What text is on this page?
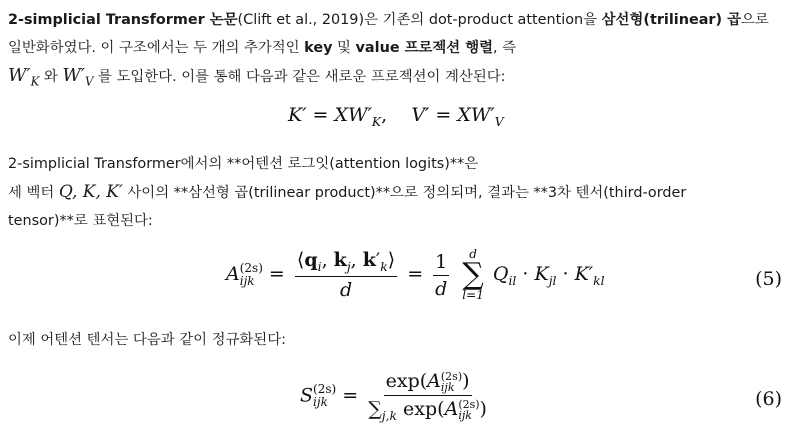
2-simplicial Transformer 논문(Clift et al., 2019)은 기존의 dot-product attention을 삼선형(trilinear) 곱으로 일반화하였다. 이 구조에서는 두 개의 추가적인 key 및 value 프로젝션 행렬, 즉
$W'_K$ 와 $W'_V$ 를 도입한다. 이를 통해 다음과 같은 새로운 프로젝션이 계산된다:
$K' = XW'_K$,    $V' = XW'_V$
2-simplicial Transformer에서의 **어텐션 로그잇(attention logits)**은
세 벡터 Q, K, K′ 사이의 **삼선형 곱(trilinear product)**으로 정의되며, 결과는 **3차 텐서(third-order
tensor)**로 표현된다:
A (2s)
ijk = $\frac{⟨q_i, k_j, k'_k⟩}{d} = \frac{1}{d}$
d
∑
l=1
$Q_{il} \cdot K_{jl} \cdot K'_{kl}$	(5)
이제 어텐션 텐서는 다음과 같이 정규화된다:
S (2s)
ijk = exp(A (2s)
ijk )
$\sum_{j,k}$ exp(A (2s)
ijk )	(6)
